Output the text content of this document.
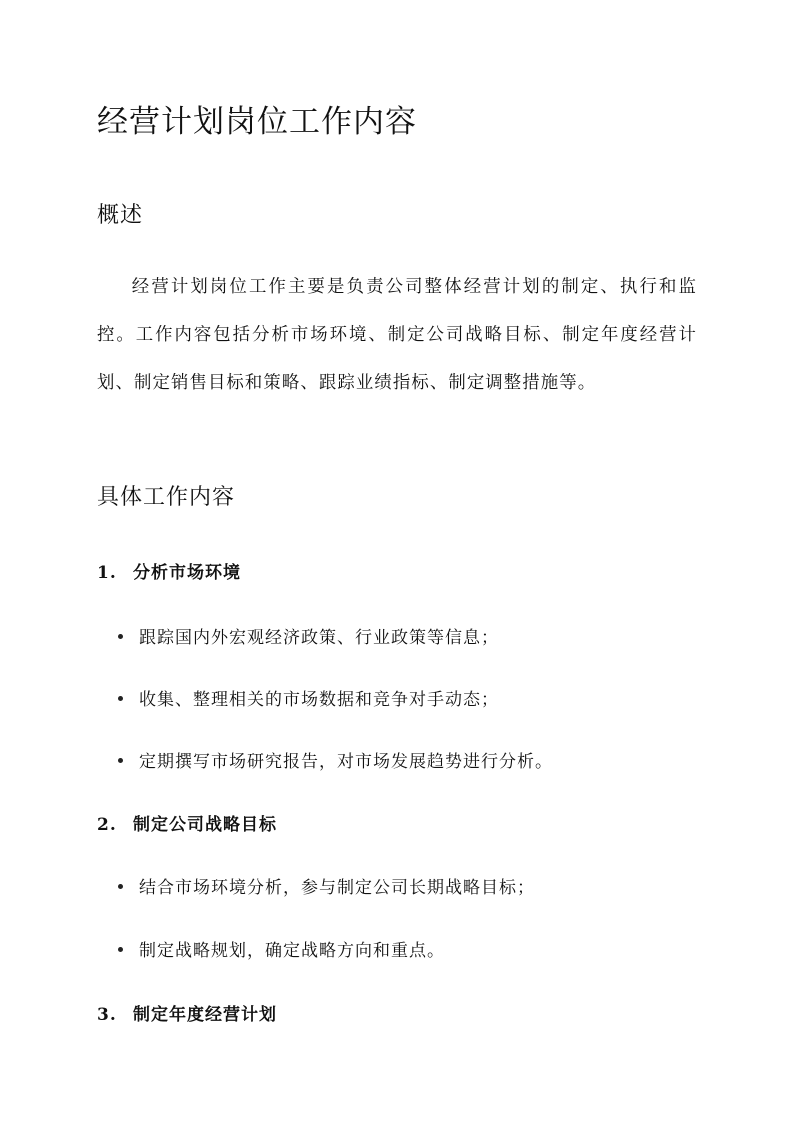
经营计划岗位工作内容
概述

经营计划岗位工作主要是负责公司整体经营计划的制定、执行和监控。工作内容包括分析市场环境、制定公司战略目标、制定年度经营计划、制定销售目标和策略、跟踪业绩指标、制定调整措施等。

具体工作内容
1. 分析市场环境
跟踪国内外宏观经济政策、行业政策等信息；
收集、整理相关的市场数据和竞争对手动态；
定期撰写市场研究报告，对市场发展趋势进行分析。
2. 制定公司战略目标
结合市场环境分析，参与制定公司长期战略目标；
制定战略规划，确定战略方向和重点。
3. 制定年度经营计划
